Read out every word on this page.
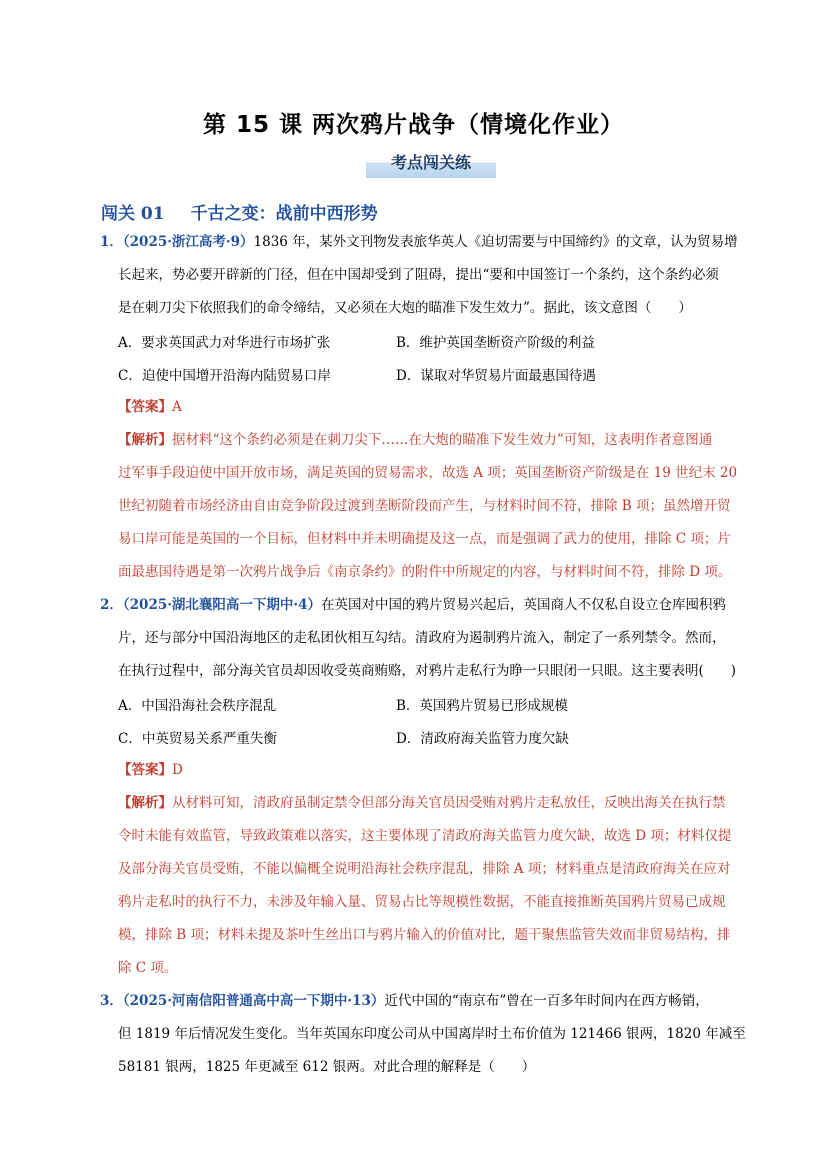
第 15 课 两次鸦片战争（情境化作业）
考点闯关练
闯关 01 千古之变：战前中西形势
1．（2025·浙江高考·9）1836 年，某外文刊物发表旅华英人《迫切需要与中国缔约》的文章，认为贸易增
长起来，势必要开辟新的门径，但在中国却受到了阻碍，提出“要和中国签订一个条约，这个条约必须
是在刺刀尖下依照我们的命令缔结，又必须在大炮的瞄准下发生效力”。据此，该文意图（　　）
A．要求英国武力对华进行市场扩张	B．维护英国垄断资产阶级的利益
C．迫使中国增开沿海内陆贸易口岸	D．谋取对华贸易片面最惠国待遇
【答案】A
【解析】据材料“这个条约必须是在刺刀尖下……在大炮的瞄准下发生效力”可知，这表明作者意图通
过军事手段迫使中国开放市场，满足英国的贸易需求，故选 A 项；英国垄断资产阶级是在 19 世纪末 20
世纪初随着市场经济由自由竞争阶段过渡到垄断阶段而产生，与材料时间不符，排除 B 项；虽然增开贸
易口岸可能是英国的一个目标，但材料中并未明确提及这一点，而是强调了武力的使用，排除 C 项；片
面最惠国待遇是第一次鸦片战争后《南京条约》的附件中所规定的内容，与材料时间不符，排除 D 项。
2．（2025·湖北襄阳高一下期中·4）在英国对中国的鸦片贸易兴起后，英国商人不仅私自设立仓库囤积鸦
片，还与部分中国沿海地区的走私团伙相互勾结。清政府为遏制鸦片流入，制定了一系列禁令。然而，
在执行过程中，部分海关官员却因收受英商贿赂，对鸦片走私行为睁一只眼闭一只眼。这主要表明(　　)
A．中国沿海社会秩序混乱	B．英国鸦片贸易已形成规模
C．中英贸易关系严重失衡	D．清政府海关监管力度欠缺
【答案】D
【解析】从材料可知，清政府虽制定禁令但部分海关官员因受贿对鸦片走私放任，反映出海关在执行禁
令时未能有效监管，导致政策难以落实，这主要体现了清政府海关监管力度欠缺，故选 D 项；材料仅提
及部分海关官员受贿，不能以偏概全说明沿海社会秩序混乱，排除 A 项；材料重点是清政府海关在应对
鸦片走私时的执行不力，未涉及年输入量、贸易占比等规模性数据，不能直接推断英国鸦片贸易已成规
模，排除 B 项；材料未提及茶叶生丝出口与鸦片输入的价值对比，题干聚焦监管失效而非贸易结构，排
除 C 项。
3．（2025·河南信阳普通高中高一下期中·13）近代中国的“南京布”曾在一百多年时间内在西方畅销，
但 1819 年后情况发生变化。当年英国东印度公司从中国离岸时土布价值为 121466 银两，1820 年减至
58181 银两，1825 年更减至 612 银两。对此合理的解释是（　　）
